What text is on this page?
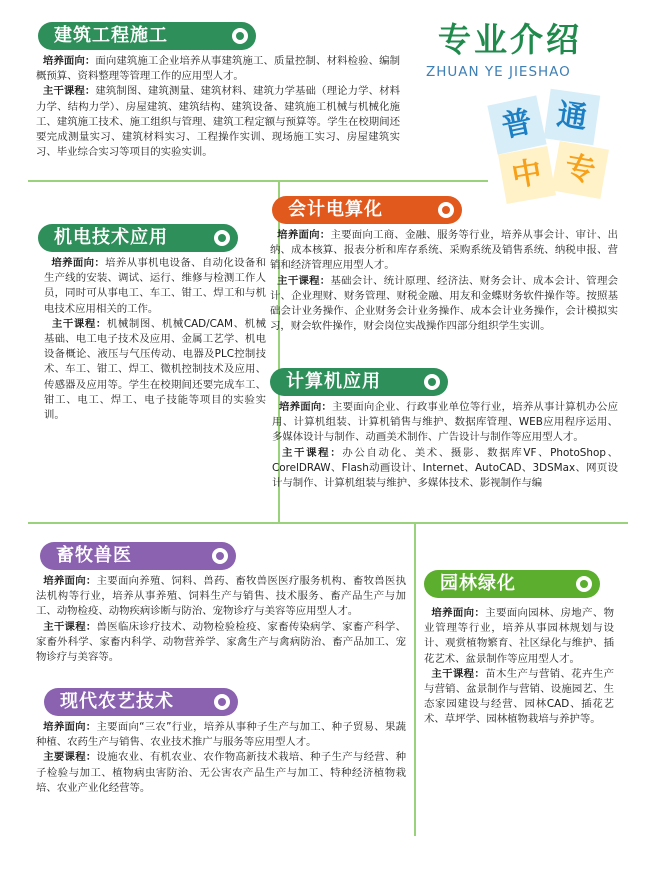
专业介绍
ZHUAN YE JIESHAO
普 通
中 专
建筑工程施工
培养面向：面向建筑施工企业培养从事建筑施工、质量控制、材料检验、编制概预算、资料整理等管理工作的应用型人才。
主干课程：建筑制图、建筑测量、建筑材料、建筑力学基础（理论力学、材料力学、结构力学）、房屋建筑、建筑结构、建筑设备、建筑施工机械与机械化施工、建筑施工技术、施工组织与管理、建筑工程定额与预算等。学生在校期间还要完成测量实习、建筑材料实习、工程操作实训、现场施工实习、房屋建筑实习、毕业综合实习等项目的实验实训。
机电技术应用
培养面向：培养从事机电设备、自动化设备和生产线的安装、调试、运行、维修与检测工作人员，同时可从事电工、车工、钳工、焊工和与机电技术应用相关的工作。
主干课程：机械制图、机械CAD/CAM、机械基础、电工电子技术及应用、金属工艺学、机电设备概论、液压与气压传动、电器及PLC控制技术、车工、钳工、焊工、微机控制技术及应用、传感器及应用等。学生在校期间还要完成车工、钳工、电工、焊工、电子技能等项目的实验实训。
会计电算化
培养面向：主要面向工商、金融、服务等行业，培养从事会计、审计、出纳、成本核算、报表分析和库存系统、采购系统及销售系统、纳税申报、营销和经济管理应用型人才。
主干课程：基础会计、统计原理、经济法、财务会计、成本会计、管理会计、企业理财、财务管理、财税金融、用友和金蝶财务软件操作等。按照基础会计业务操作、企业财务会计业务操作、成本会计业务操作，会计模拟实习，财会软件操作，财会岗位实战操作四部分组织学生实训。
计算机应用
培养面向：主要面向企业、行政事业单位等行业，培养从事计算机办公应用、计算机组装、计算机销售与维护、数据库管理、WEB应用程序运用、多媒体设计与制作、动画美术制作、广告设计与制作等应用型人才。
主干课程：办公自动化、美术、摄影、数据库VF、PhotoShop、CorelDRAW、Flash动画设计、Internet、AutoCAD、3DSMax、网页设计与制作、计算机组装与维护、多媒体技术、影视制作与编
畜牧兽医
培养面向：主要面向养殖、饲料、兽药、畜牧兽医医疗服务机构、畜牧兽医执法机构等行业，培养从事养殖、饲料生产与销售、技术服务、畜产品生产与加工、动物检疫、动物疾病诊断与防治、宠物诊疗与美容等应用型人才。
主干课程：兽医临床诊疗技术、动物检验检疫、家畜传染病学、家畜产科学、家畜外科学、家畜内科学、动物营养学、家禽生产与禽病防治、畜产品加工、宠物诊疗与美容等。
现代农艺技术
培养面向：主要面向“三农”行业，培养从事种子生产与加工、种子贸易、果蔬种植、农药生产与销售、农业技术推广与服务等应用型人才。
主要课程：设施农业、有机农业、农作物高新技术栽培、种子生产与经营、种子检验与加工、植物病虫害防治、无公害农产品生产与加工、特种经济植物栽培、农业产业化经营等。
园林绿化
培养面向：主要面向园林、房地产、物业管理等行业，培养从事园林规划与设计、观赏植物繁育、社区绿化与维护、插花艺术、盆景制作等应用型人才。
主干课程：苗木生产与营销、花卉生产与营销、盆景制作与营销、设施园艺、生态家园建设与经营、园林CAD、插花艺术、草坪学、园林植物栽培与养护等。
